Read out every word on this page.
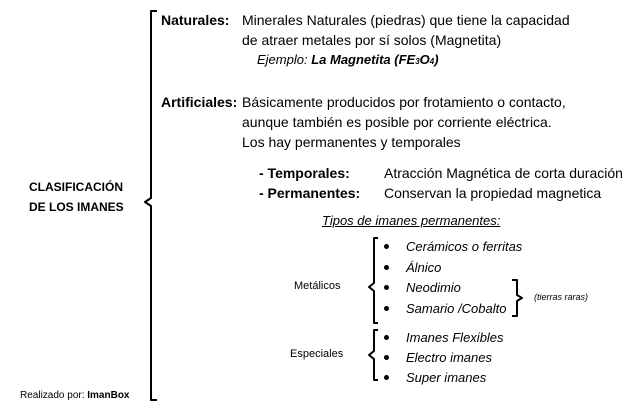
CLASIFICACIÓN
DE LOS IMANES
Naturales: Minerales Naturales (piedras) que tiene la capacidad
de atraer metales por sí solos (Magnetita)
Ejemplo: La Magnetita (FE3O4)
Artificiales: Básicamente producidos por frotamiento o contacto,
aunque también es posible por corriente eléctrica.
Los hay permanentes y temporales
- Temporales: Atracción Magnética de corta duración
- Permanentes: Conservan la propiedad magnetica
Tipos de imanes permanentes:
Metálicos
Cerámicos o ferritas
Álnico
Neodimio
Samario /Cobalto
(tierras raras)
Especiales
Imanes Flexibles
Electro imanes
Super imanes
Realizado por: ImanBox
